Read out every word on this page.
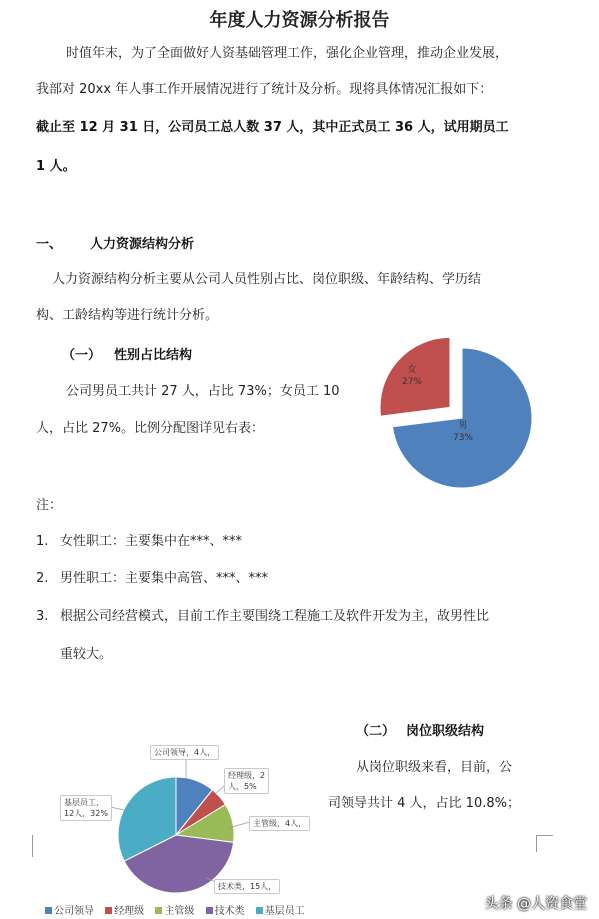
年度人力资源分析报告
时值年末，为了全面做好人资基础管理工作，强化企业管理，推动企业发展，
我部对 20xx 年人事工作开展情况进行了统计及分析。现将具体情况汇报如下：
截止至 12 月 31 日，公司员工总人数 37 人，其中正式员工 36 人，试用期员工
1 人。
一、 人力资源结构分析
人力资源结构分析主要从公司人员性别占比、岗位职级、年龄结构、学历结
构、工龄结构等进行统计分析。
（一） 性别占比结构
公司男员工共计 27 人，占比 73%；女员工 10
人，占比 27%。比例分配图详见右表：	男
73%
女
27%
注：
1. 女性职工：主要集中在***、***
2. 男性职工：主要集中高管、***、***
3. 根据公司经营模式，目前工作主要围绕工程施工及软件开发为主，故男性比
重较大。
（二） 岗位职级结构
从岗位职级来看，目前，公
司领导共计 4 人，占比 10.8%；
公司领导，4人，
经理级，2
人，5%
主管级，4人，
技术类，15人，
基层员工，
12人，32%
公司领导 经理级 主管级 技术类 基层员工	头条 @人资食堂
